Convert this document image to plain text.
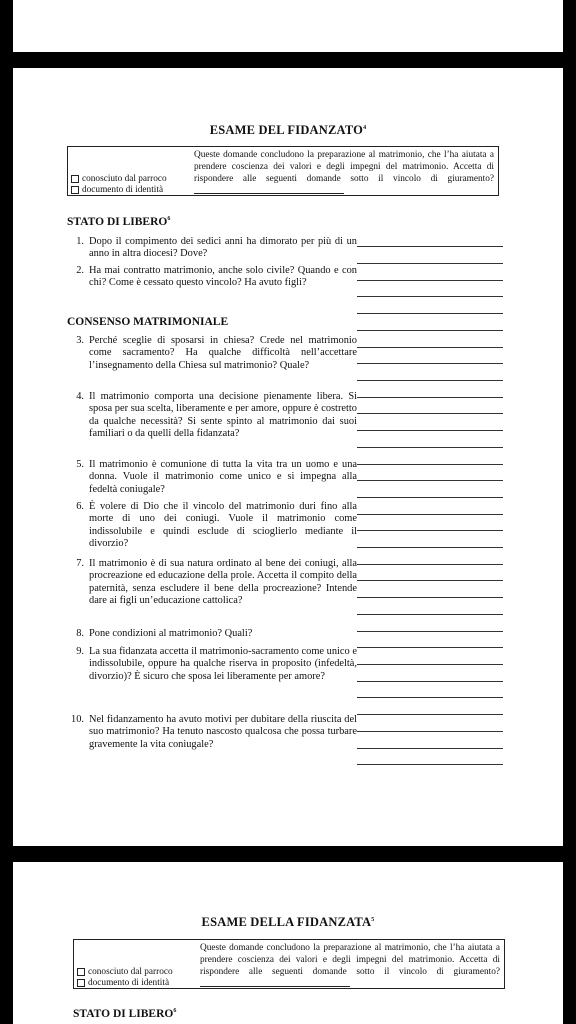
ESAME DEL FIDANZATO$^4$
Queste domande concludono la preparazione al matrimonio, che l’ha aiutata a prendere coscienza dei valori e degli impegni del matrimonio. Accetta di rispondere alle seguenti domande sotto il vincolo di giuramento?
conosciuto dal parroco
documento di identità
STATO DI LIBERO$^6$
1. Dopo il compimento dei sedici anni ha dimorato per più di un anno in altra diocesi? Dove?
2. Ha mai contratto matrimonio, anche solo civile? Quando e con chi? Come è cessato questo vincolo? Ha avuto figli?
CONSENSO MATRIMONIALE
3. Perché sceglie di sposarsi in chiesa? Crede nel matrimonio come sacramento? Ha qualche difficoltà nell’accettare l’insegnamento della Chiesa sul matrimonio? Quale?
4. Il matrimonio comporta una decisione pienamente libera. Si sposa per sua scelta, liberamente e per amore, oppure è costretto da qualche necessità? Si sente spinto al matrimonio dai suoi familiari o da quelli della fidanzata?
5. Il matrimonio è comunione di tutta la vita tra un uomo e una donna. Vuole il matrimonio come unico e si impegna alla fedeltà coniugale?
6. È volere di Dio che il vincolo del matrimonio duri fino alla morte di uno dei coniugi. Vuole il matrimonio come indissolubile e quindi esclude di scioglierlo mediante il divorzio?
7. Il matrimonio è di sua natura ordinato al bene dei coniugi, alla procreazione ed educazione della prole. Accetta il compito della paternità, senza escludere il bene della procreazione? Intende dare ai figli un’educazione cattolica?
8. Pone condizioni al matrimonio? Quali?
9. La sua fidanzata accetta il matrimonio-sacramento come unico e indissolubile, oppure ha qualche riserva in proposito (infedeltà, divorzio)? È sicuro che sposa lei liberamente per amore?
10. Nel fidanzamento ha avuto motivi per dubitare della riuscita del suo matrimonio? Ha tenuto nascosto qualcosa che possa turbare gravemente la vita coniugale?
ESAME DELLA FIDANZATA$^5$
Queste domande concludono la preparazione al matrimonio, che l’ha aiutata a prendere coscienza dei valori e degli impegni del matrimonio. Accetta di rispondere alle seguenti domande sotto il vincolo di giuramento?
conosciuto dal parroco
documento di identità
STATO DI LIBERO$^6$
